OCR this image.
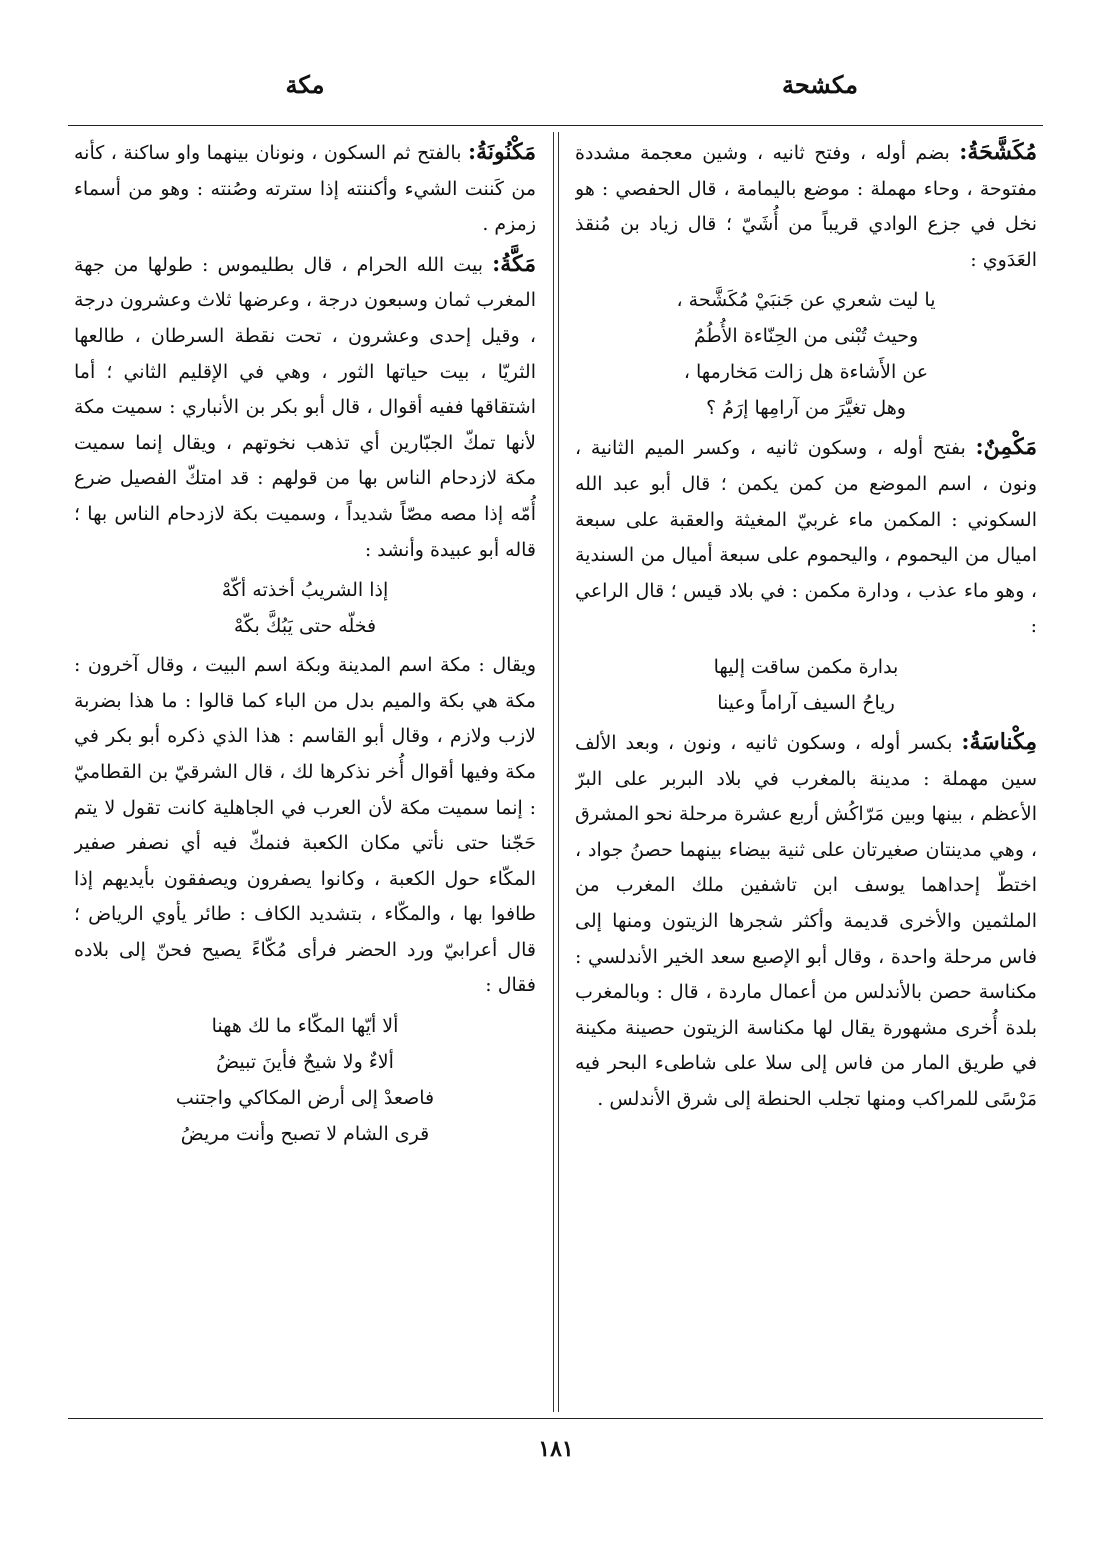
مكشحة
مكة

مُكَشَّحَةُ: بضم أوله ، وفتح ثانيه ، وشين معجمة مشددة مفتوحة ، وحاء مهملة : موضع باليمامة ، قال الحفصي : هو نخل في جزع الوادي قريباً من أُشَيّ ؛ قال زياد بن مُنقذ العَدَوي :

يا ليت شعري عن جَنبَيْ مُكَشَّحة ،
وحيث تُبْنى من الحِنّاءة الأُطُمُ
عن الأَشاءة هل زالت مَخارمها ،
وهل تغيَّرَ من آرامِها إرَمُ ؟

مَكْمِنٌ: بفتح أوله ، وسكون ثانيه ، وكسر الميم الثانية ، ونون ، اسم الموضع من كمن يكمن ؛ قال أبو عبد الله السكوني : المكمن ماء غربيّ المغيثة والعقبة على سبعة اميال من اليحموم ، واليحموم على سبعة أميال من السندية ، وهو ماء عذب ، ودارة مكمن : في بلاد قيس ؛ قال الراعي :

بدارة مكمن ساقت إليها
رياحُ السيف آراماً وعينا

مِكْناسَةُ: بكسر أوله ، وسكون ثانيه ، ونون ، وبعد الألف سين مهملة : مدينة بالمغرب في بلاد البربر على البرّ الأعظم ، بينها وبين مَرّاكُش أربع عشرة مرحلة نحو المشرق ، وهي مدينتان صغيرتان على ثنية بيضاء بينهما حصنُ جواد ، اختطّ إحداهما يوسف ابن تاشفين ملك المغرب من الملثمين والأخرى قديمة وأكثر شجرها الزيتون ومنها إلى فاس مرحلة واحدة ، وقال أبو الإصبع سعد الخير الأندلسي : مكناسة حصن بالأندلس من أعمال ماردة ، قال : وبالمغرب بلدة أُخرى مشهورة يقال لها مكناسة الزيتون حصينة مكينة في طريق المار من فاس إلى سلا على شاطىء البحر فيه مَرْسًى للمراكب ومنها تجلب الحنطة إلى شرق الأندلس .

مَكْنُونَةُ: بالفتح ثم السكون ، ونونان بينهما واو ساكنة ، كأنه من كَننت الشيء وأكننته إذا سترته وصُنته : وهو من أسماء زمزم .

مَكَّةُ: بيت الله الحرام ، قال بطليموس : طولها من جهة المغرب ثمان وسبعون درجة ، وعرضها ثلاث وعشرون درجة ، وقيل إحدى وعشرون ، تحت نقطة السرطان ، طالعها الثريّا ، بيت حياتها الثور ، وهي في الإقليم الثاني ؛ أما اشتقاقها ففيه أقوال ، قال أبو بكر بن الأنباري : سميت مكة لأنها تمكّ الجبّارين أي تذهب نخوتهم ، ويقال إنما سميت مكة لازدحام الناس بها من قولهم : قد امتكّ الفصيل ضرع أُمّه إذا مصه مصّاً شديداً ، وسميت بكة لازدحام الناس بها ؛ قاله أبو عبيدة وأنشد :

إذا الشريبُ أخذته أكّهْ
فخلّه حتى يَبُكَّ بكّهْ

ويقال : مكة اسم المدينة وبكة اسم البيت ، وقال آخرون : مكة هي بكة والميم بدل من الباء كما قالوا : ما هذا بضربة لازب ولازم ، وقال أبو القاسم : هذا الذي ذكره أبو بكر في مكة وفيها أقوال أُخر نذكرها لك ، قال الشرقيّ بن القطاميّ : إنما سميت مكة لأن العرب في الجاهلية كانت تقول لا يتم حَجّنا حتى نأتي مكان الكعبة فنمكّ فيه أي نصفر صفير المكّاء حول الكعبة ، وكانوا يصفرون ويصفقون بأيديهم إذا طافوا بها ، والمكّاء ، بتشديد الكاف : طائر يأوي الرياض ؛ قال أعرابيّ ورد الحضر فرأى مُكّاءً يصيح فحنّ إلى بلاده فقال :

ألا أيّها المكّاء ما لك ههنا
ألاءٌ ولا شيحٌ فأينَ تبيضُ
فاصعدْ إلى أرض المكاكي واجتنب
قرى الشام لا تصبح وأنت مريضُ
١٨١
